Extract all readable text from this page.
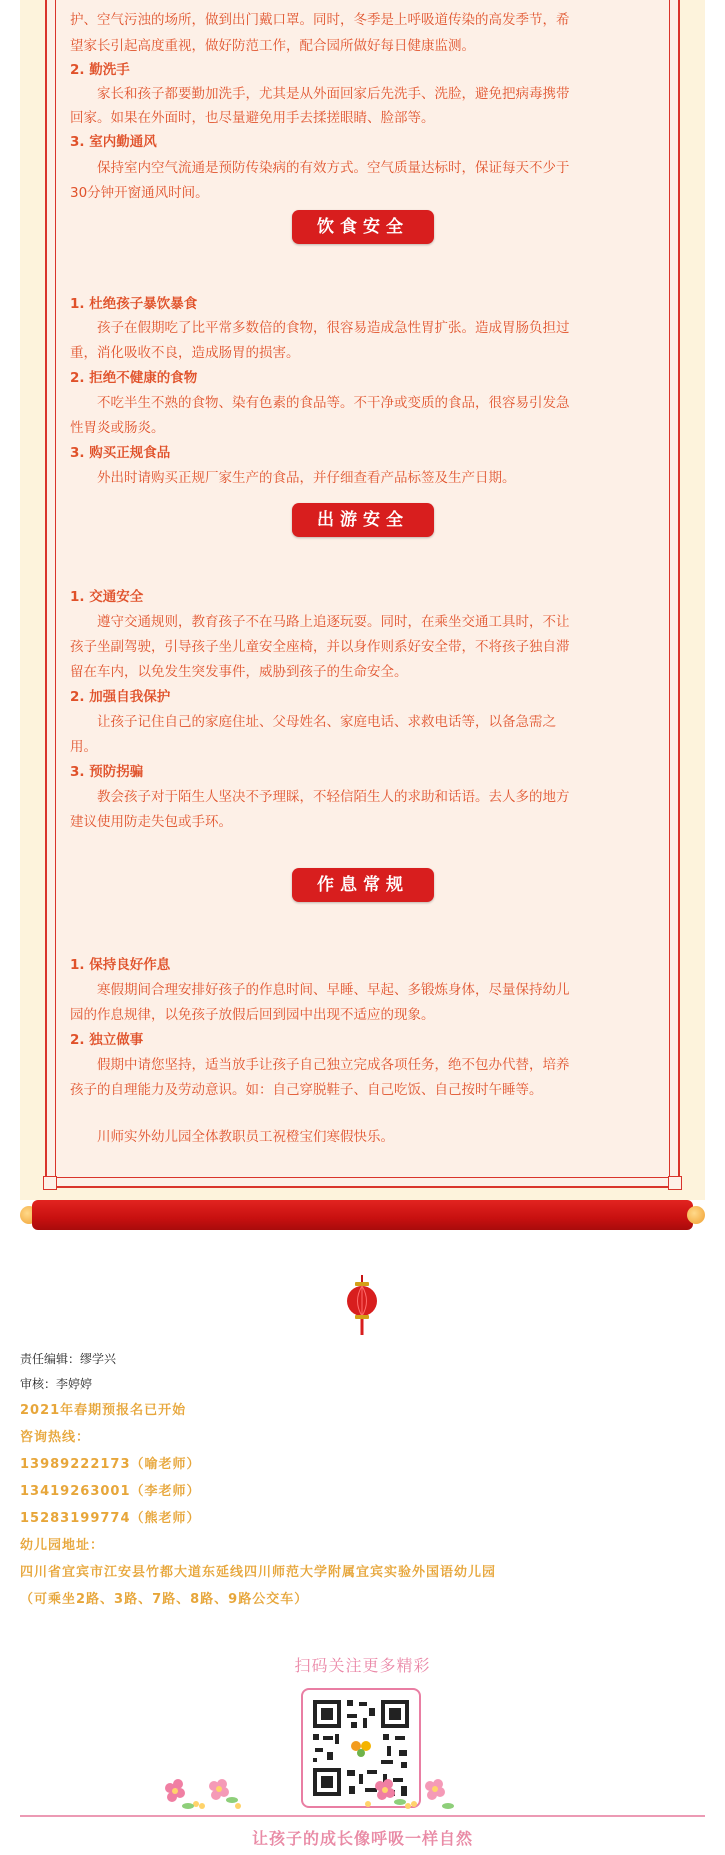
护、空气污浊的场所，做到出门戴口罩。同时，冬季是上呼吸道传染的高发季节，希
望家长引起高度重视，做好防范工作，配合园所做好每日健康监测。
2. 勤洗手
家长和孩子都要勤加洗手，尤其是从外面回家后先洗手、洗脸，避免把病毒携带
回家。如果在外面时，也尽量避免用手去揉搓眼睛、脸部等。
3. 室内勤通风
保持室内空气流通是预防传染病的有效方式。空气质量达标时，保证每天不少于
30分钟开窗通风时间。
饮食安全
1. 杜绝孩子暴饮暴食
孩子在假期吃了比平常多数倍的食物，很容易造成急性胃扩张。造成胃肠负担过
重，消化吸收不良，造成肠胃的损害。
2. 拒绝不健康的食物
不吃半生不熟的食物、染有色素的食品等。不干净或变质的食品，很容易引发急
性胃炎或肠炎。
3. 购买正规食品
外出时请购买正规厂家生产的食品，并仔细查看产品标签及生产日期。
出游安全
1. 交通安全
遵守交通规则，教育孩子不在马路上追逐玩耍。同时，在乘坐交通工具时，不让
孩子坐副驾驶，引导孩子坐儿童安全座椅，并以身作则系好安全带，不将孩子独自滞
留在车内，以免发生突发事件，威胁到孩子的生命安全。
2. 加强自我保护
让孩子记住自己的家庭住址、父母姓名、家庭电话、求救电话等，以备急需之
用。
3. 预防拐骗
教会孩子对于陌生人坚决不予理睬，不轻信陌生人的求助和话语。去人多的地方
建议使用防走失包或手环。
作息常规
1. 保持良好作息
寒假期间合理安排好孩子的作息时间、早睡、早起、多锻炼身体，尽量保持幼儿
园的作息规律，以免孩子放假后回到园中出现不适应的现象。
2. 独立做事
假期中请您坚持，适当放手让孩子自己独立完成各项任务，绝不包办代替，培养
孩子的自理能力及劳动意识。如：自己穿脱鞋子、自己吃饭、自己按时午睡等。
川师实外幼儿园全体教职员工祝橙宝们寒假快乐。
责任编辑：缪学兴
审核：李婷婷
2021年春期预报名已开始
咨询热线：
13989222173（喻老师）
13419263001（李老师）
15283199774（熊老师）
幼儿园地址：
四川省宜宾市江安县竹都大道东延线四川师范大学附属宜宾实验外国语幼儿园
（可乘坐2路、3路、7路、8路、9路公交车）
扫码关注更多精彩
让孩子的成长像呼吸一样自然
